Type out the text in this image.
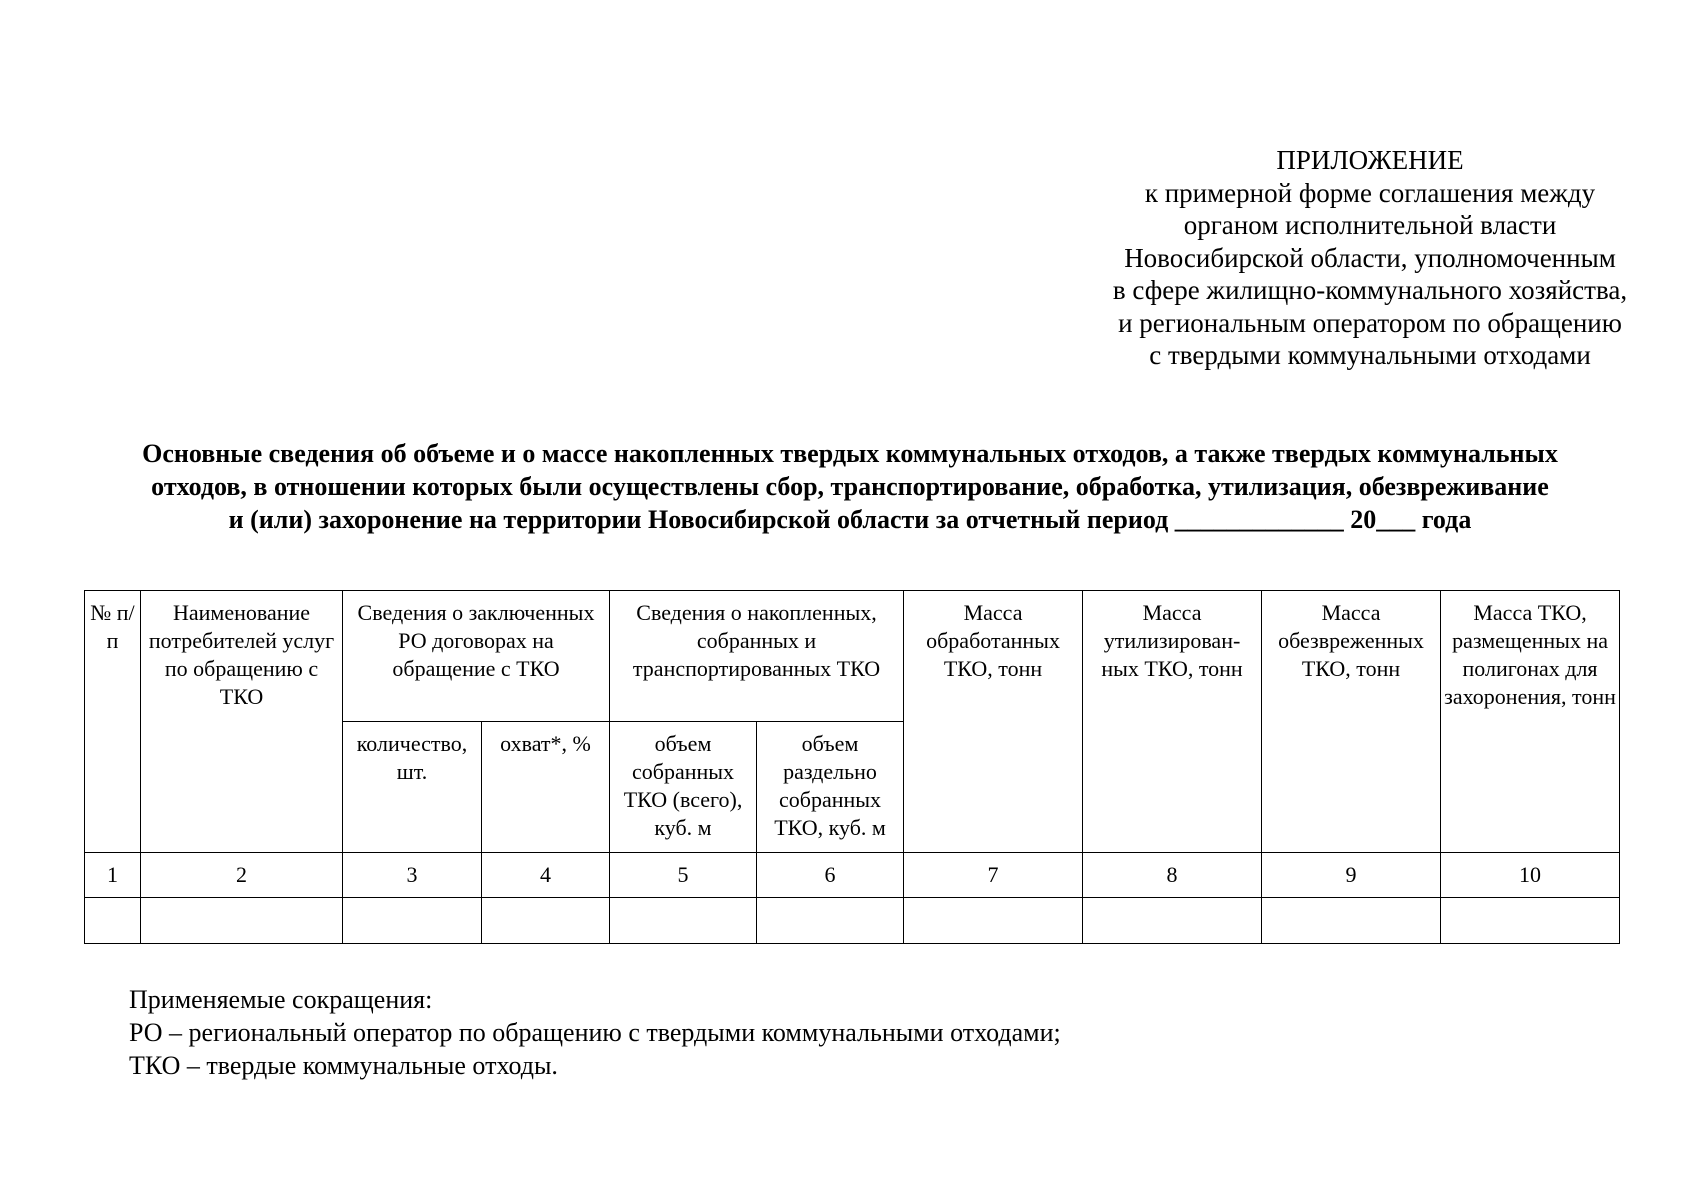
ПРИЛОЖЕНИЕ
к примерной форме соглашения между
органом исполнительной власти
Новосибирской области, уполномоченным
в сфере жилищно-коммунального хозяйства,
и региональным оператором по обращению
с твердыми коммунальными отходами
Основные сведения об объеме и о массе накопленных твердых коммунальных отходов, а также твердых коммунальных
отходов, в отношении которых были осуществлены сбор, транспортирование, обработка, утилизация, обезвреживание
и (или) захоронение на территории Новосибирской области за отчетный период _____________ 20___ года
№ п/п	Наименование потребителей услуг по обращению с ТКО	Сведения о заключенных РО договорах на обращение с ТКО		Сведения о накопленных, собранных и транспортированных ТКО		Масса обработанных ТКО, тонн	Масса утилизирован-ных ТКО, тонн	Масса обезвреженных ТКО, тонн	Масса ТКО, размещенных на полигонах для захоронения, тонн
		количество, шт.	охват*, %	объем собранных ТКО (всего), куб. м	объем раздельно собранных ТКО, куб. м				
1	2	3	4	5	6	7	8	9	10

Применяемые сокращения:
РО – региональный оператор по обращению с твердыми коммунальными отходами;
ТКО – твердые коммунальные отходы.
